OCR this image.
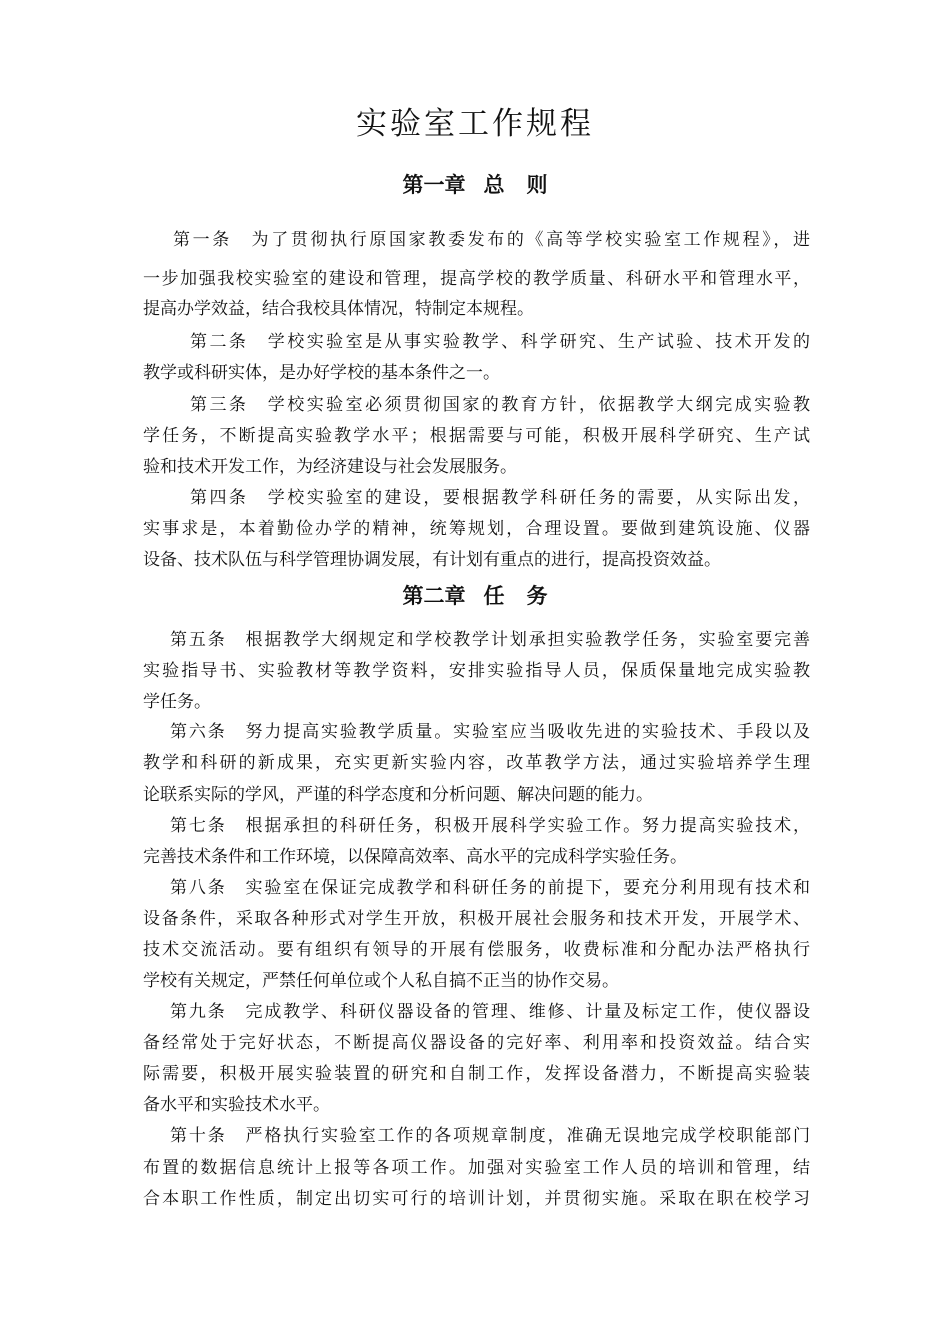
实验室工作规程
第一章 总 则
第一条　为了贯彻执行原国家教委发布的《高等学校实验室工作规程》，进
一步加强我校实验室的建设和管理，提高学校的教学质量、科研水平和管理水平，
提高办学效益，结合我校具体情况，特制定本规程。
第二条　学校实验室是从事实验教学、科学研究、生产试验、技术开发的
教学或科研实体，是办好学校的基本条件之一。
第三条　学校实验室必须贯彻国家的教育方针，依据教学大纲完成实验教
学任务，不断提高实验教学水平；根据需要与可能，积极开展科学研究、生产试
验和技术开发工作，为经济建设与社会发展服务。
第四条　学校实验室的建设，要根据教学科研任务的需要，从实际出发，
实事求是，本着勤俭办学的精神，统筹规划，合理设置。要做到建筑设施、仪器
设备、技术队伍与科学管理协调发展，有计划有重点的进行，提高投资效益。
第二章 任 务
第五条　根据教学大纲规定和学校教学计划承担实验教学任务，实验室要完善
实验指导书、实验教材等教学资料，安排实验指导人员，保质保量地完成实验教
学任务。
第六条　努力提高实验教学质量。实验室应当吸收先进的实验技术、手段以及
教学和科研的新成果，充实更新实验内容，改革教学方法，通过实验培养学生理
论联系实际的学风，严谨的科学态度和分析问题、解决问题的能力。
第七条　根据承担的科研任务，积极开展科学实验工作。努力提高实验技术，
完善技术条件和工作环境，以保障高效率、高水平的完成科学实验任务。
第八条　实验室在保证完成教学和科研任务的前提下，要充分利用现有技术和
设备条件，采取各种形式对学生开放，积极开展社会服务和技术开发，开展学术、
技术交流活动。要有组织有领导的开展有偿服务，收费标准和分配办法严格执行
学校有关规定，严禁任何单位或个人私自搞不正当的协作交易。
第九条　完成教学、科研仪器设备的管理、维修、计量及标定工作，使仪器设
备经常处于完好状态，不断提高仪器设备的完好率、利用率和投资效益。结合实
际需要，积极开展实验装置的研究和自制工作，发挥设备潜力，不断提高实验装
备水平和实验技术水平。
第十条　严格执行实验室工作的各项规章制度，准确无误地完成学校职能部门
布置的数据信息统计上报等各项工作。加强对实验室工作人员的培训和管理，结
合本职工作性质，制定出切实可行的培训计划，并贯彻实施。采取在职在校学习
